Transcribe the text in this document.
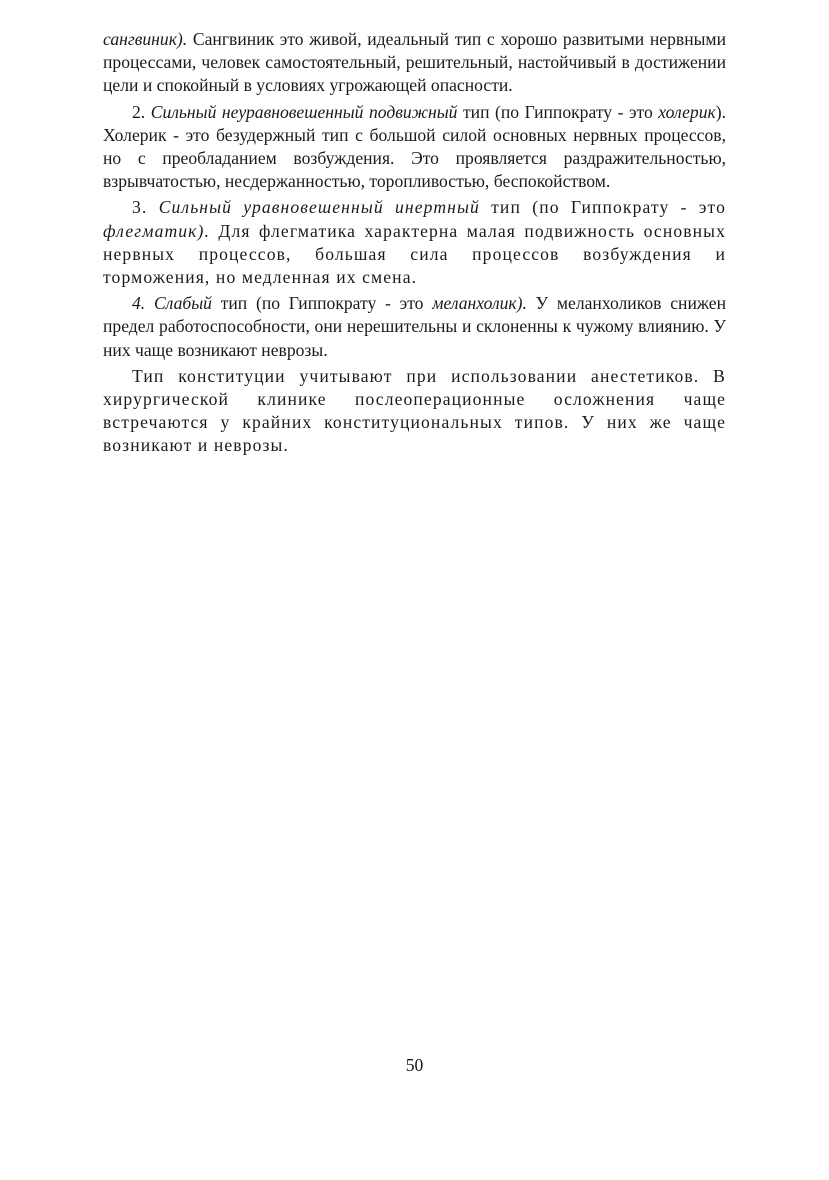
сангвиник). Сангвиник это живой, идеальный тип с хорошо развитыми нервными процессами, человек самостоятельный, решительный, настойчивый в достижении цели и спокойный в условиях угрожающей опасности.

2. Сильный неуравновешенный подвижный тип (по Гиппократу - это холерик). Холерик - это безудержный тип с большой силой основных нервных процессов, но с преобладанием возбуждения. Это проявляется раздражительностью, взрывчатостью, несдержанностью, торопливостью, беспокойством.

3. Сильный уравновешенный инертный тип (по Гиппократу - это флегматик). Для флегматика характерна малая подвижность основных нервных процессов, большая сила процессов возбуждения и торможения, но медленная их смена.

4. Слабый тип (по Гиппократу - это меланхолик). У меланхоликов снижен предел работоспособности, они нерешительны и склоненны к чужому влиянию. У них чаще возникают неврозы.

Тип конституции учитывают при использовании анестетиков. В хирургической клинике послеоперационные осложнения чаще встречаются у крайних конституциональных типов. У них же чаще возникают и неврозы.

50
